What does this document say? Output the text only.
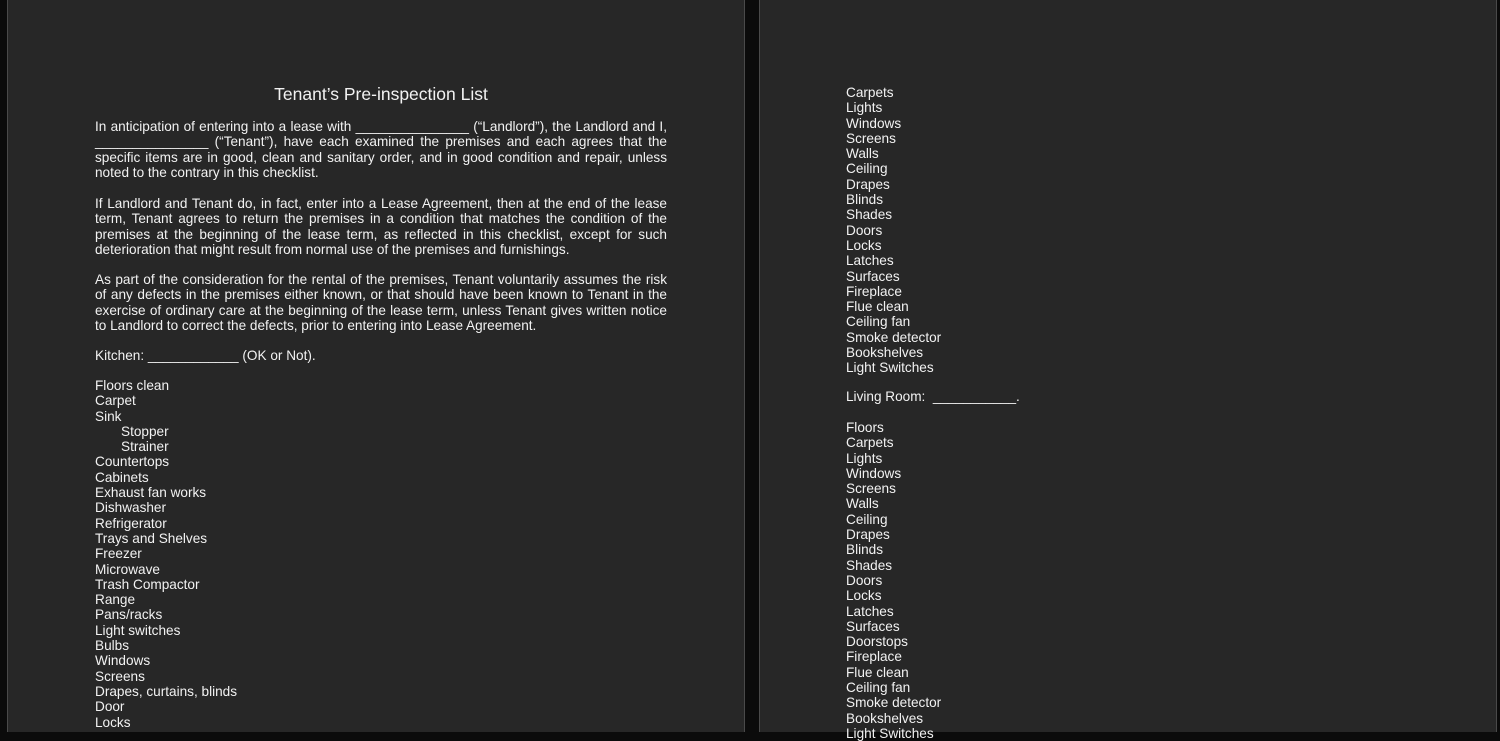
Tenant’s Pre-inspection List

In anticipation of entering into a lease with _______________ (“Landlord”), the Landlord and I, _______________ (“Tenant”), have each examined the premises and each agrees that the specific items are in good, clean and sanitary order, and in good condition and repair, unless noted to the contrary in this checklist.

If Landlord and Tenant do, in fact, enter into a Lease Agreement, then at the end of the lease term, Tenant agrees to return the premises in a condition that matches the condition of the premises at the beginning of the lease term, as reflected in this checklist, except for such deterioration that might result from normal use of the premises and furnishings.

As part of the consideration for the rental of the premises, Tenant voluntarily assumes the risk of any defects in the premises either known, or that should have been known to Tenant in the exercise of ordinary care at the beginning of the lease term, unless Tenant gives written notice to Landlord to correct the defects, prior to entering into Lease Agreement.

Kitchen: ____________ (OK or Not).

Floors clean
Carpet
Sink
Stopper
Strainer
Countertops
Cabinets
Exhaust fan works
Dishwasher
Refrigerator
Trays and Shelves
Freezer
Microwave
Trash Compactor
Range
Pans/racks
Light switches
Bulbs
Windows
Screens
Drapes, curtains, blinds
Door
Locks
Carpets
Lights
Windows
Screens
Walls
Ceiling
Drapes
Blinds
Shades
Doors
Locks
Latches
Surfaces
Fireplace
Flue clean
Ceiling fan
Smoke detector
Bookshelves
Light Switches

Living Room:  ___________.

Floors
Carpets
Lights
Windows
Screens
Walls
Ceiling
Drapes
Blinds
Shades
Doors
Locks
Latches
Surfaces
Doorstops
Fireplace
Flue clean
Ceiling fan
Smoke detector
Bookshelves
Light Switches
